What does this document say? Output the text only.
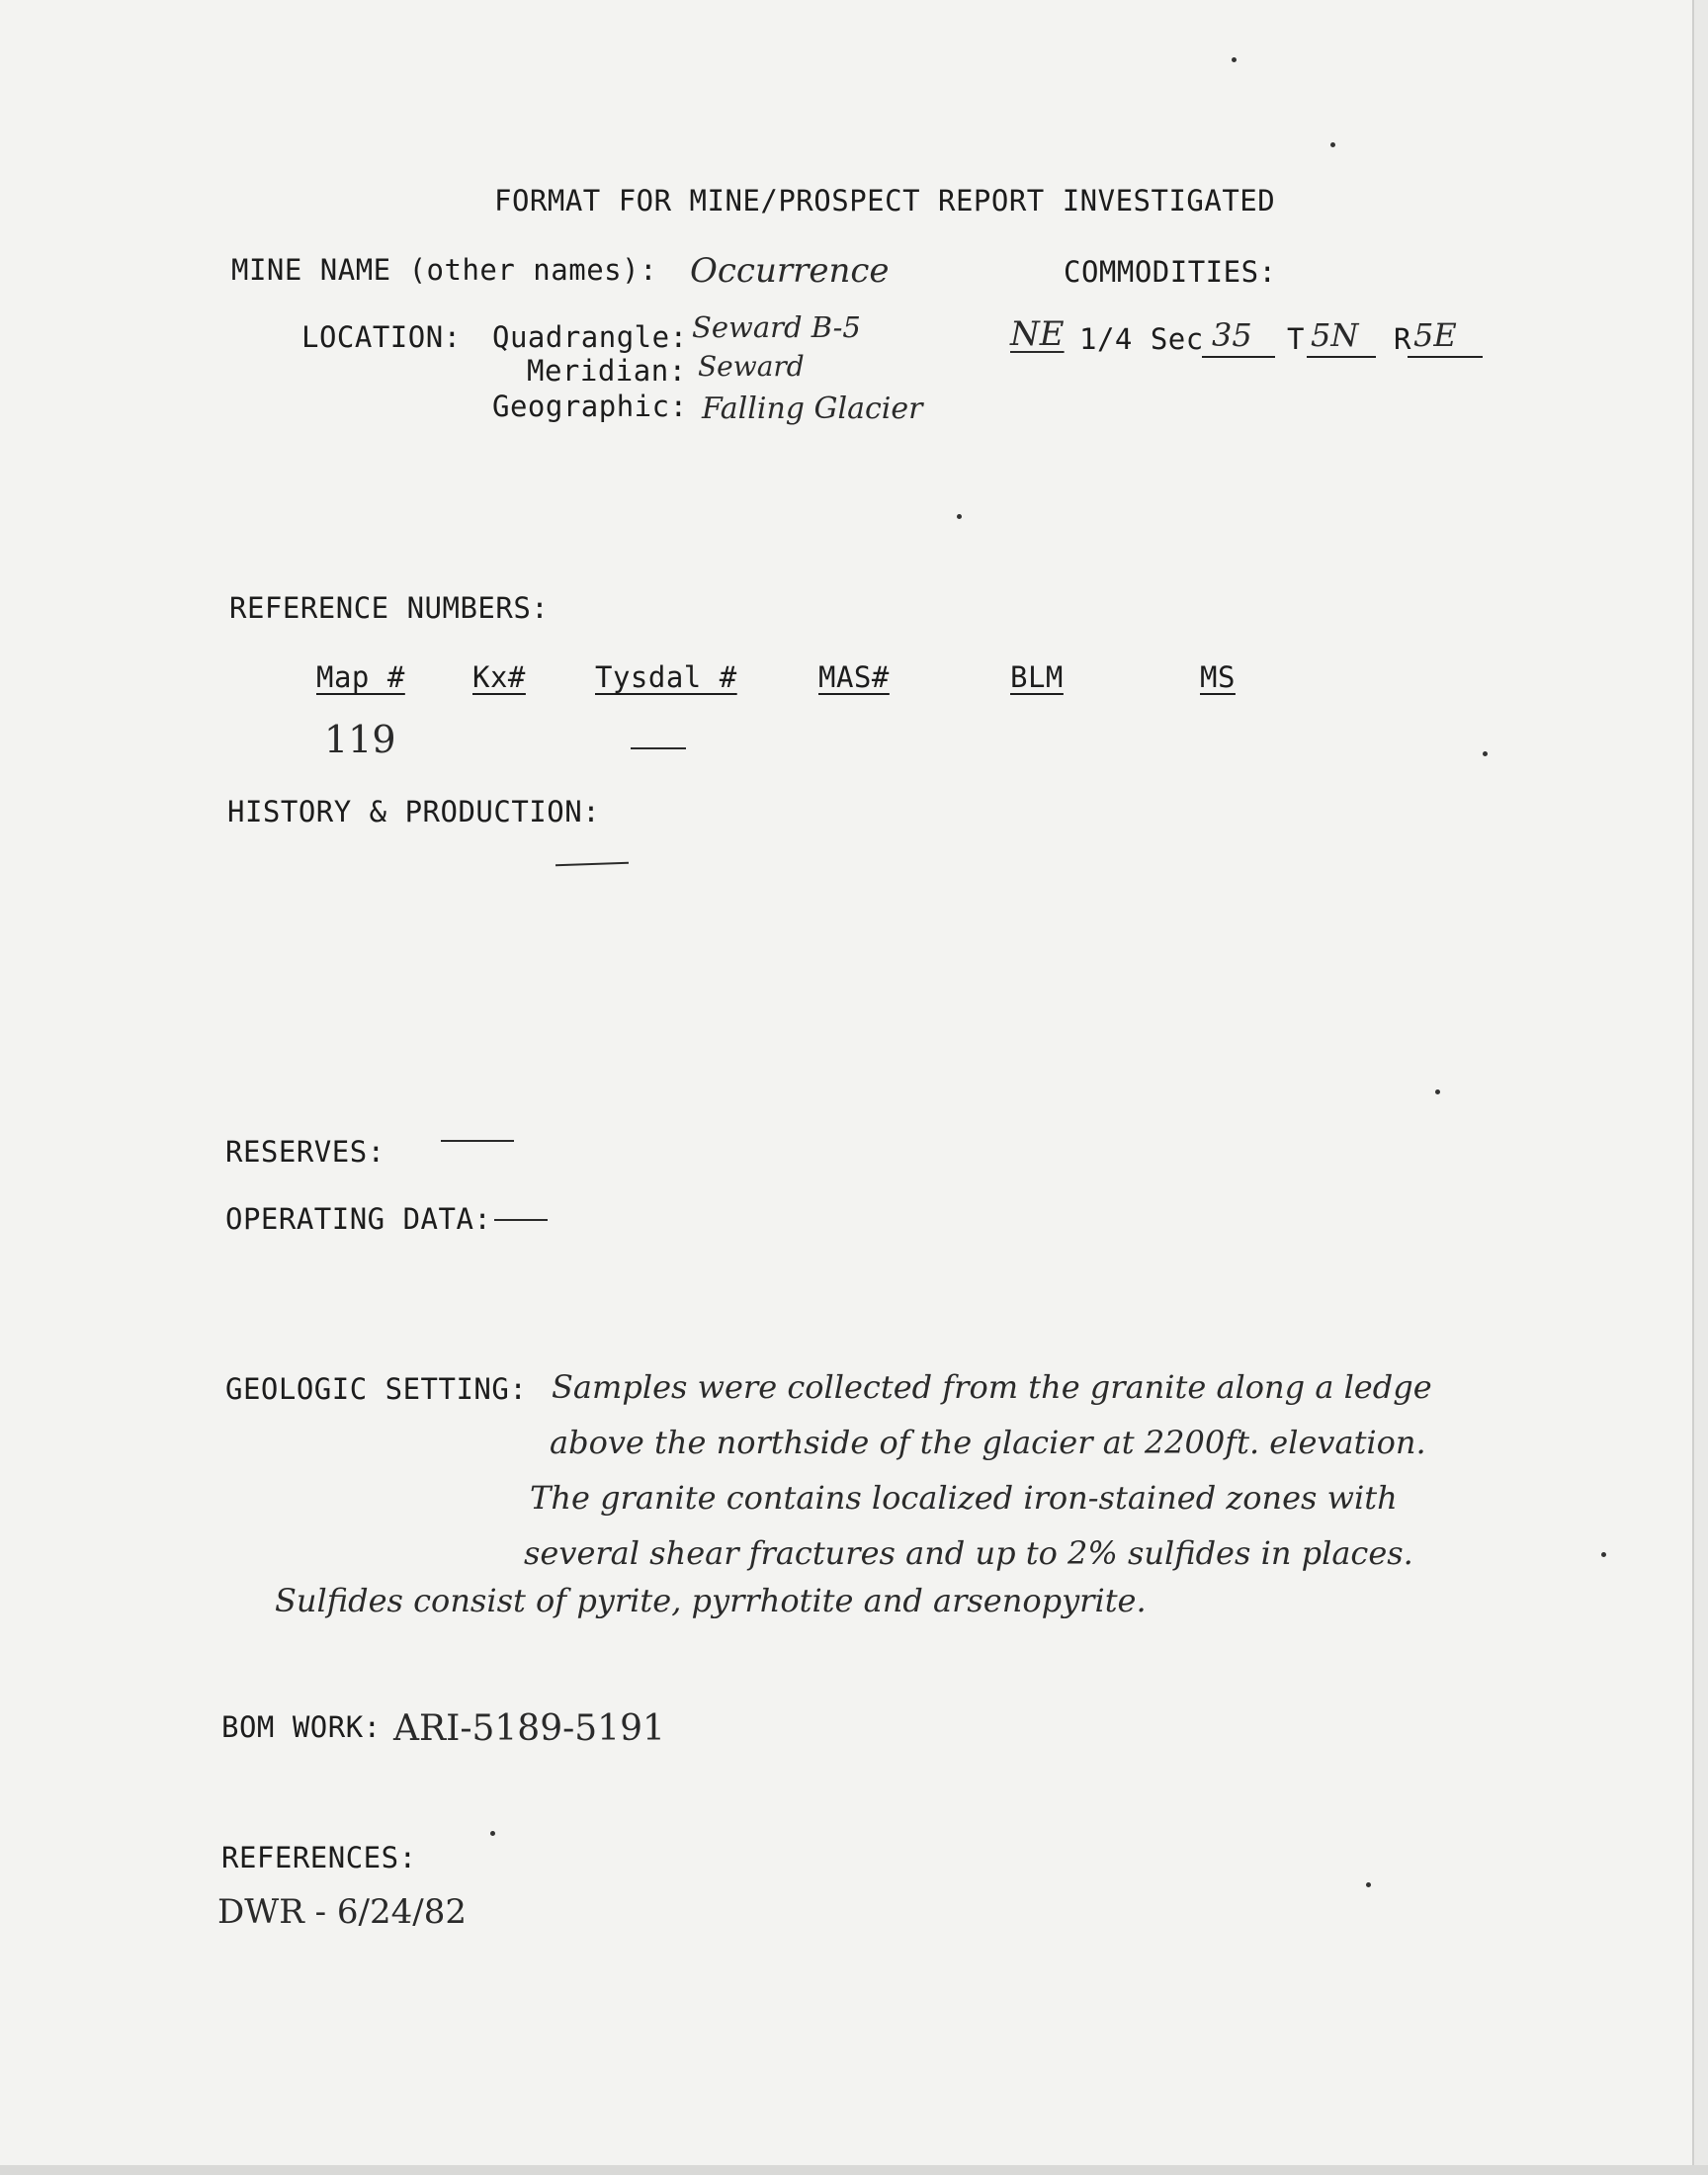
FORMAT FOR MINE/PROSPECT REPORT INVESTIGATED
MINE NAME (other names): Occurrence	COMMODITIES:
LOCATION: Quadrangle: Seward B-5
Meridian: Seward
Geographic: Falling Glacier
NE 1/4 Sec 35 T 5N R 5E
REFERENCE NUMBERS:
Map # Kx# Tysdal #	MAS#	BLM	MS
119
HISTORY & PRODUCTION:
RESERVES:
OPERATING DATA:
GEOLOGIC SETTING: Samples were collected from the granite along a ledge
above the northside of the glacier at 2200ft. elevation.
The granite contains localized iron-stained zones with
several shear fractures and up to 2% sulfides in places.
Sulfides consist of pyrite, pyrrhotite and arsenopyrite.
BOM WORK: ARI-5189-5191
REFERENCES:
DWR - 6/24/82
